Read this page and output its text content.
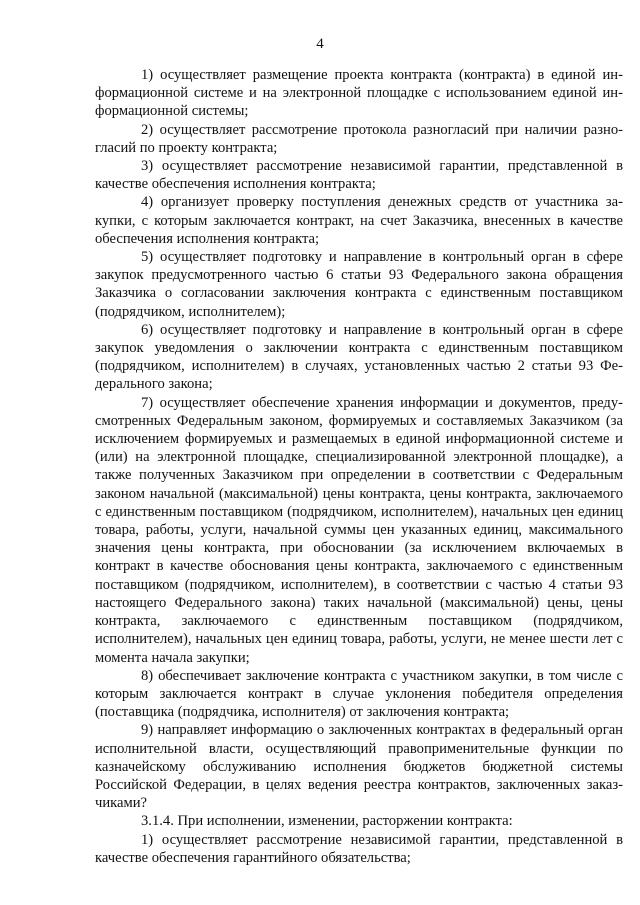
4

1) осуществляет размещение проекта контракта (контракта) в единой информационной системе и на электронной площадке с использованием единой информационной системы;

2) осуществляет рассмотрение протокола разногласий при наличии разногласий по проекту контракта;

3) осуществляет рассмотрение независимой гарантии, представленной в качестве обеспечения исполнения контракта;

4) организует проверку поступления денежных средств от участника закупки, с которым заключается контракт, на счет Заказчика, внесенных в качестве обеспечения исполнения контракта;

5) осуществляет подготовку и направление в контрольный орган в сфере закупок предусмотренного частью 6 статьи 93 Федерального закона обращения Заказчика о согласовании заключения контракта с единственным поставщиком (подрядчиком, исполнителем);

6) осуществляет подготовку и направление в контрольный орган в сфере закупок уведомления о заключении контракта с единственным поставщиком (подрядчиком, исполнителем) в случаях, установленных частью 2 статьи 93 Федерального закона;

7) осуществляет обеспечение хранения информации и документов, предусмотренных Федеральным законом, формируемых и составляемых Заказчиком (за исключением формируемых и размещаемых в единой информационной системе и (или) на электронной площадке, специализированной электронной площадке), а также полученных Заказчиком при определении в соответствии с Федеральным законом начальной (максимальной) цены контракта, цены контракта, заключаемого с единственным поставщиком (подрядчиком, исполнителем), начальных цен единиц товара, работы, услуги, начальной суммы цен указанных единиц, максимального значения цены контракта, при обосновании (за исключением включаемых в контракт в качестве обоснования цены контракта, заключаемого с единственным поставщиком (подрядчиком, исполнителем), в соответствии с частью 4 статьи 93 настоящего Федерального закона) таких начальной (максимальной) цены, цены контракта, заключаемого с единственным поставщиком (подрядчиком, исполнителем), начальных цен единиц товара, работы, услуги, не менее шести лет с момента начала закупки;

8) обеспечивает заключение контракта с участником закупки, в том числе с которым заключается контракт в случае уклонения победителя определения (поставщика (подрядчика, исполнителя) от заключения контракта;

9) направляет информацию о заключенных контрактах в федеральный орган исполнительной власти, осуществляющий правоприменительные функции по казначейскому обслуживанию исполнения бюджетов бюджетной системы Российской Федерации, в целях ведения реестра контрактов, заключенных заказчиками?

3.1.4. При исполнении, изменении, расторжении контракта:

1) осуществляет рассмотрение независимой гарантии, представленной в качестве обеспечения гарантийного обязательства;
